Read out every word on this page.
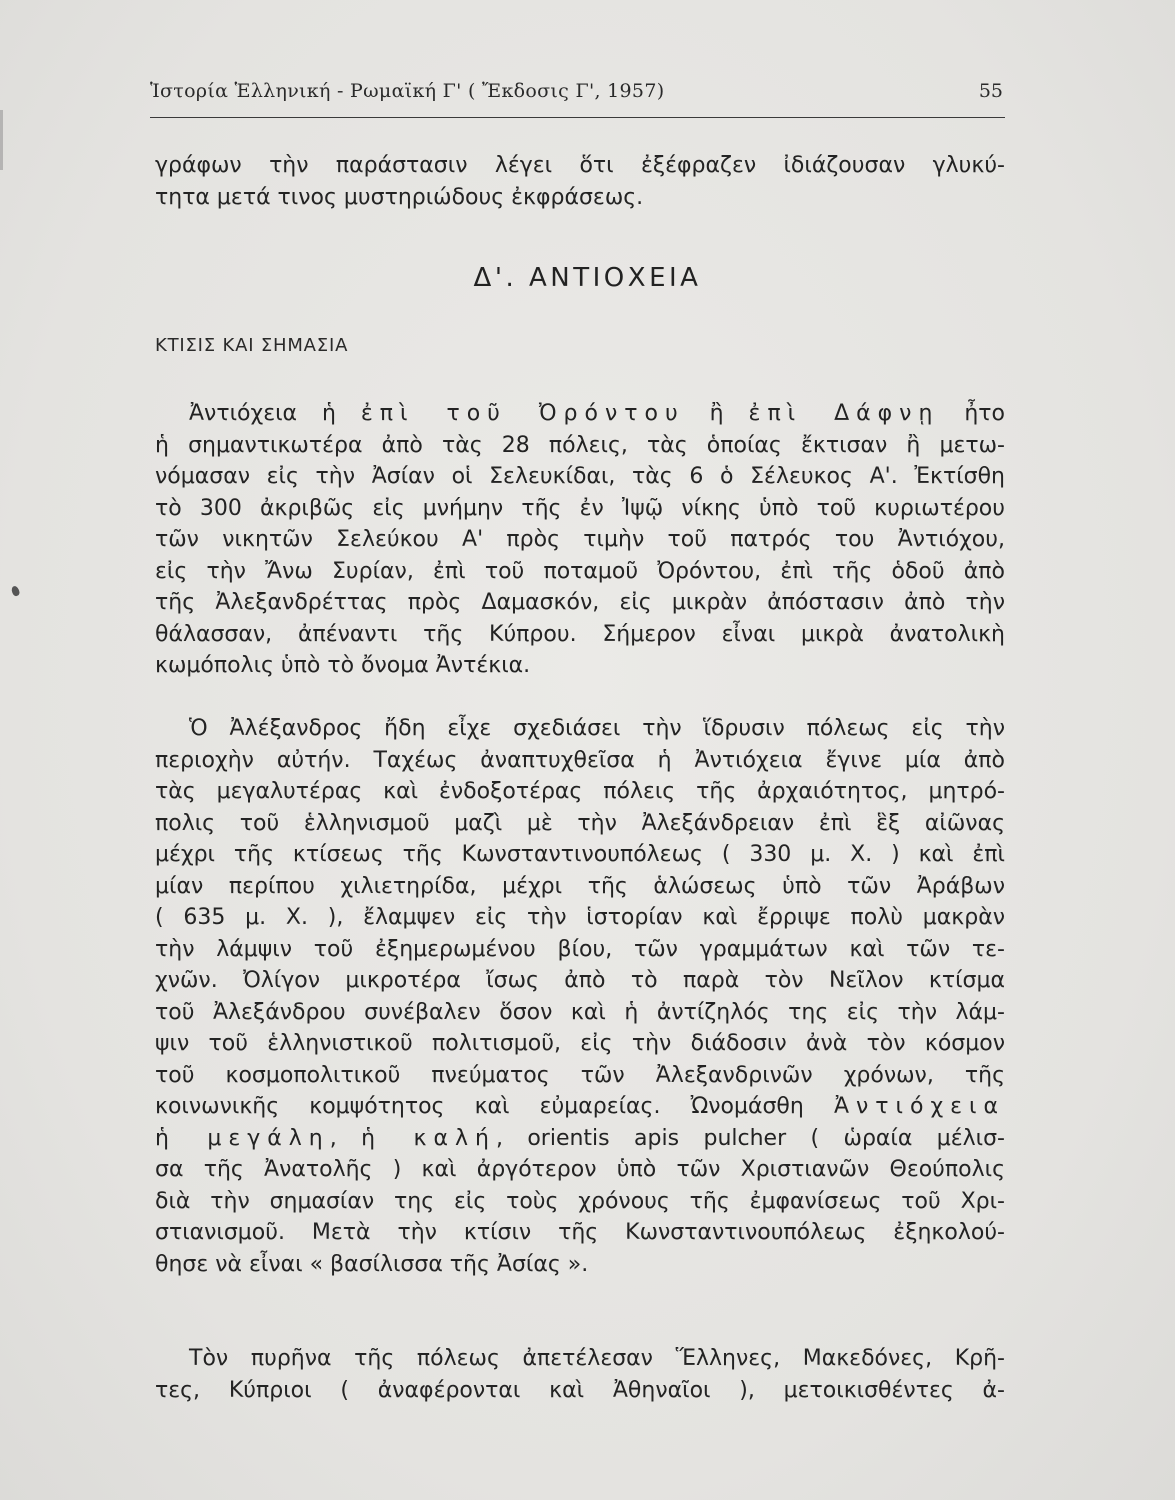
Ἱστορία Ἑλληνική - Ρωμαϊκή Γ' ( Ἔκδοσις Γ', 1957)	55
γράφων τὴν παράστασιν λέγει ὅτι ἐξέφραζεν ἰδιάζουσαν γλυκύ-
τητα μετά τινος μυστηριώδους ἐκφράσεως.
Δ'. ΑΝΤΙΟΧΕΙΑ
ΚΤΙΣΙΣ ΚΑΙ ΣΗΜΑΣΙΑ
Ἀντιόχεια ἡ ἐπὶ τοῦ Ὀρόντου ἢ ἐπὶ Δάφνῃ ἦτο
ἡ σημαντικωτέρα ἀπὸ τὰς 28 πόλεις, τὰς ὁποίας ἔκτισαν ἢ μετω-
νόμασαν εἰς τὴν Ἀσίαν οἱ Σελευκίδαι, τὰς 6 ὁ Σέλευκος Α'. Ἐκτίσθη
τὸ 300 ἀκριβῶς εἰς μνήμην τῆς ἐν Ἰψῷ νίκης ὑπὸ τοῦ κυριωτέρου
τῶν νικητῶν Σελεύκου Α' πρὸς τιμὴν τοῦ πατρός του Ἀντιόχου,
εἰς τὴν Ἄνω Συρίαν, ἐπὶ τοῦ ποταμοῦ Ὀρόντου, ἐπὶ τῆς ὁδοῦ ἀπὸ
τῆς Ἀλεξανδρέττας πρὸς Δαμασκόν, εἰς μικρὰν ἀπόστασιν ἀπὸ τὴν
θάλασσαν, ἀπέναντι τῆς Κύπρου. Σήμερον εἶναι μικρὰ ἀνατολικὴ
κωμόπολις ὑπὸ τὸ ὄνομα Ἀντέκια.
Ὁ Ἀλέξανδρος ἤδη εἶχε σχεδιάσει τὴν ἵδρυσιν πόλεως εἰς τὴν
περιοχὴν αὐτήν. Ταχέως ἀναπτυχθεῖσα ἡ Ἀντιόχεια ἔγινε μία ἀπὸ
τὰς μεγαλυτέρας καὶ ἐνδοξοτέρας πόλεις τῆς ἀρχαιότητος, μητρό-
πολις τοῦ ἑλληνισμοῦ μαζὶ μὲ τὴν Ἀλεξάνδρειαν ἐπὶ ἓξ αἰῶνας
μέχρι τῆς κτίσεως τῆς Κωνσταντινουπόλεως ( 330 μ. Χ. ) καὶ ἐπὶ
μίαν περίπου χιλιετηρίδα, μέχρι τῆς ἁλώσεως ὑπὸ τῶν Ἀράβων
( 635 μ. Χ. ), ἔλαμψεν εἰς τὴν ἱστορίαν καὶ ἔρριψε πολὺ μακρὰν
τὴν λάμψιν τοῦ ἐξημερωμένου βίου, τῶν γραμμάτων καὶ τῶν τε-
χνῶν. Ὀλίγον μικροτέρα ἴσως ἀπὸ τὸ παρὰ τὸν Νεῖλον κτίσμα
τοῦ Ἀλεξάνδρου συνέβαλεν ὅσον καὶ ἡ ἀντίζηλός της εἰς τὴν λάμ-
ψιν τοῦ ἑλληνιστικοῦ πολιτισμοῦ, εἰς τὴν διάδοσιν ἀνὰ τὸν κόσμον
τοῦ κοσμοπολιτικοῦ πνεύματος τῶν Ἀλεξανδρινῶν χρόνων, τῆς
κοινωνικῆς κομψότητος καὶ εὐμαρείας. Ὠνομάσθη Ἀντιόχεια
ἡ μεγάλη, ἡ καλή, orientis apis pulcher ( ὡραία μέλισ-
σα τῆς Ἀνατολῆς ) καὶ ἀργότερον ὑπὸ τῶν Χριστιανῶν Θεούπολις
διὰ τὴν σημασίαν της εἰς τοὺς χρόνους τῆς ἐμφανίσεως τοῦ Χρι-
στιανισμοῦ. Μετὰ τὴν κτίσιν τῆς Κωνσταντινουπόλεως ἐξηκολού-
θησε νὰ εἶναι « βασίλισσα τῆς Ἀσίας ».
Τὸν πυρῆνα τῆς πόλεως ἀπετέλεσαν Ἕλληνες, Μακεδόνες, Κρῆ-
τες, Κύπριοι ( ἀναφέρονται καὶ Ἀθηναῖοι ), μετοικισθέντες ἀ-
